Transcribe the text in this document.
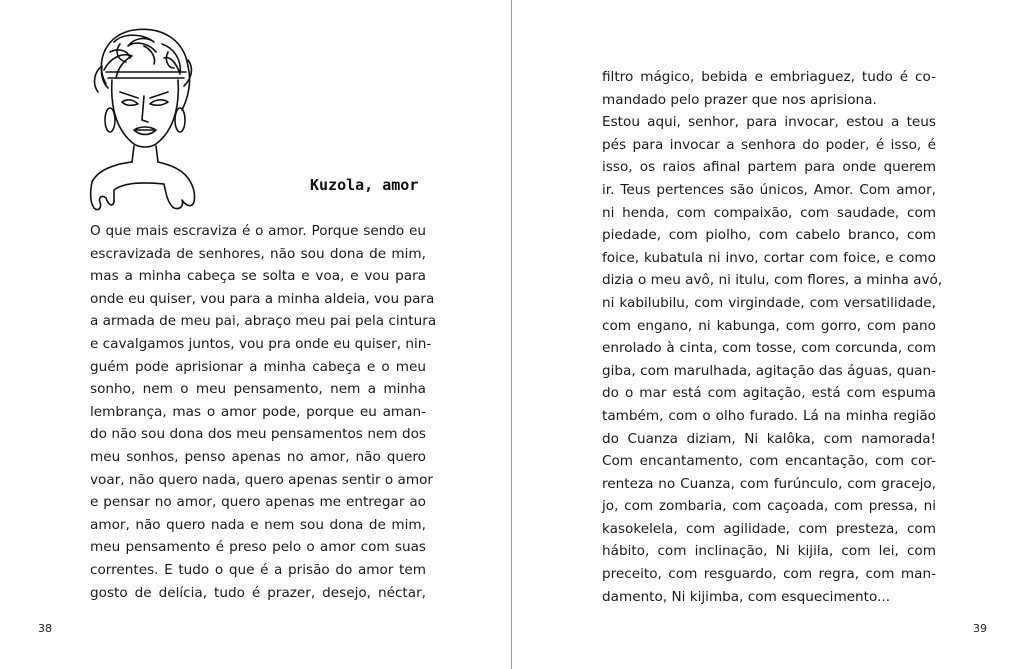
Kuzola, amor
O que mais escraviza é o amor. Porque sendo eu
escravizada de senhores, não sou dona de mim,
mas a minha cabeça se solta e voa, e vou para
onde eu quiser, vou para a minha aldeia, vou para
a armada de meu pai, abraço meu pai pela cintura
e cavalgamos juntos, vou pra onde eu quiser, nin-
guém pode aprisionar a minha cabeça e o meu
sonho, nem o meu pensamento, nem a minha
lembrança, mas o amor pode, porque eu aman-
do não sou dona dos meu pensamentos nem dos
meu sonhos, penso apenas no amor, não quero
voar, não quero nada, quero apenas sentir o amor
e pensar no amor, quero apenas me entregar ao
amor, não quero nada e nem sou dona de mim,
meu pensamento é preso pelo o amor com suas
correntes. E tudo o que é a prisão do amor tem
gosto de delícia, tudo é prazer, desejo, néctar,
38	39
filtro mágico, bebida e embriaguez, tudo é co-
mandado pelo prazer que nos aprisiona.
Estou aqui, senhor, para invocar, estou a teus
pés para invocar a senhora do poder, é isso, é
isso, os raios afinal partem para onde querem
ir. Teus pertences são únicos, Amor. Com amor,
ni henda, com compaixão, com saudade, com
piedade, com piolho, com cabelo branco, com
foice, kubatula ni invo, cortar com foice, e como
dizia o meu avô, ni itulu, com flores, a minha avó,
ni kabilubilu, com virgindade, com versatilidade,
com engano, ni kabunga, com gorro, com pano
enrolado à cinta, com tosse, com corcunda, com
giba, com marulhada, agitação das águas, quan-
do o mar está com agitação, está com espuma
também, com o olho furado. Lá na minha região
do Cuanza diziam, Ni kalôka, com namorada!
Com encantamento, com encantação, com cor-
renteza no Cuanza, com furúnculo, com gracejo,
jo, com zombaria, com caçoada, com pressa, ni
kasokelela, com agilidade, com presteza, com
hábito, com inclinação, Ni kijila, com lei, com
preceito, com resguardo, com regra, com man-
damento, Ni kijimba, com esquecimento...
